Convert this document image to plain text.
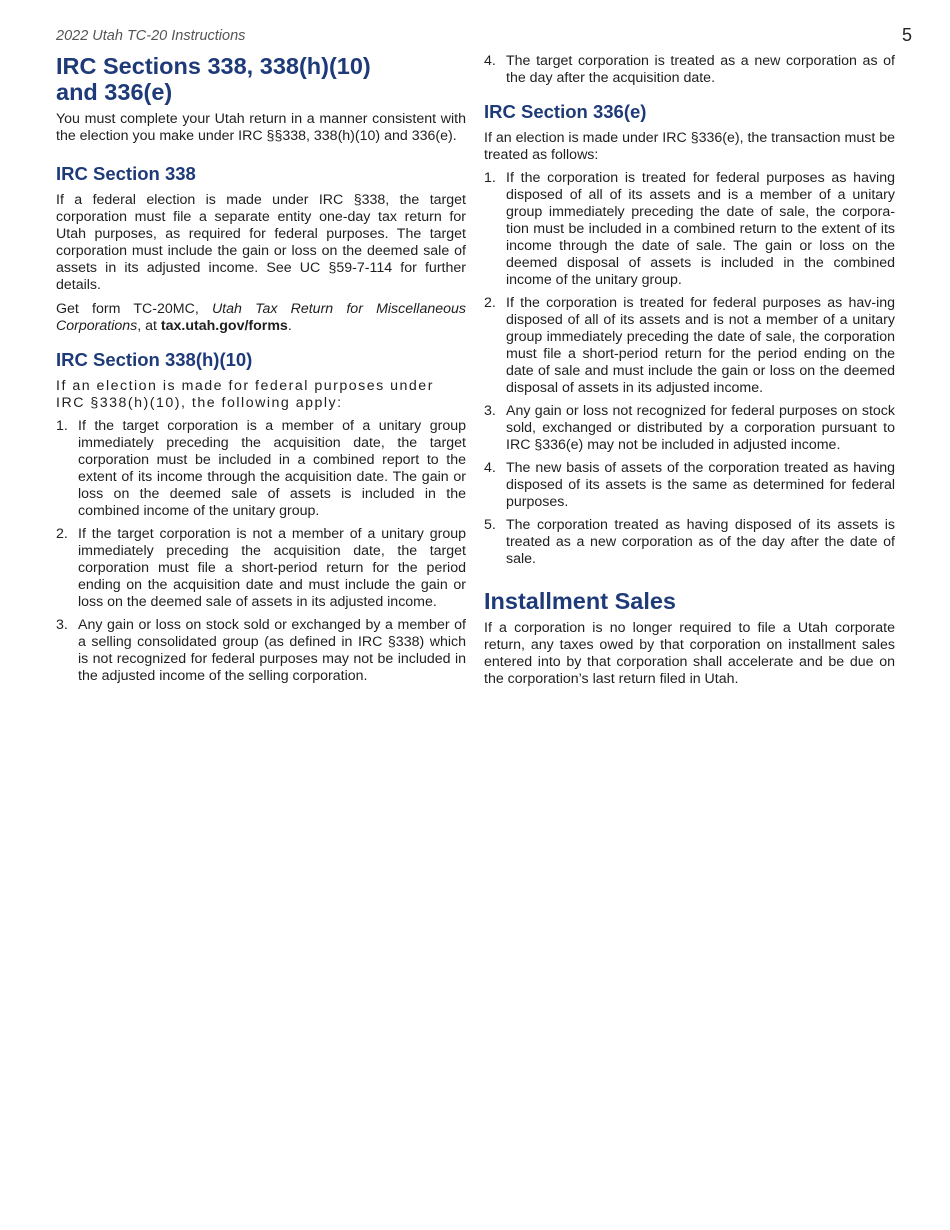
2022 Utah TC-20 Instructions	5
IRC Sections 338, 338(h)(10)
and 336(e)

You must complete your Utah return in a manner consistent with the election you make under IRC §§338, 338(h)(10) and 336(e).

IRC Section 338

If a federal election is made under IRC §338, the target corporation must file a separate entity one-day tax return for Utah purposes, as required for federal purposes. The target corporation must include the gain or loss on the deemed sale of assets in its adjusted income. See UC §59-7-114 for further details.

Get form TC-20MC, Utah Tax Return for Miscellaneous Corporations, at tax.utah.gov/forms.

IRC Section 338(h)(10)

If an election is made for federal purposes under IRC §338(h)(10), the following apply:

1. If the target corporation is a member of a unitary group immediately preceding the acquisition date, the target corporation must be included in a combined report to the extent of its income through the acquisition date. The gain or loss on the deemed sale of assets is included in the combined income of the unitary group.
2. If the target corporation is not a member of a unitary group immediately preceding the acquisition date, the target corporation must file a short-period return for the period ending on the acquisition date and must include the gain or loss on the deemed sale of assets in its adjusted income.
3. Any gain or loss on stock sold or exchanged by a member of a selling consolidated group (as defined in IRC §338) which is not recognized for federal purposes may not be included in the adjusted income of the selling corporation.
4. The target corporation is treated as a new corporation as of the day after the acquisition date.
IRC Section 336(e)

If an election is made under IRC §336(e), the transaction must be treated as follows:

1. If the corporation is treated for federal purposes as having disposed of all of its assets and is a member of a unitary group immediately preceding the date of sale, the corpora-tion must be included in a combined return to the extent of its income through the date of sale. The gain or loss on the deemed disposal of assets is included in the combined income of the unitary group.
2. If the corporation is treated for federal purposes as hav-ing disposed of all of its assets and is not a member of a unitary group immediately preceding the date of sale, the corporation must file a short-period return for the period ending on the date of sale and must include the gain or loss on the deemed disposal of assets in its adjusted income.
3. Any gain or loss not recognized for federal purposes on stock sold, exchanged or distributed by a corporation pursuant to IRC §336(e) may not be included in adjusted income.
4. The new basis of assets of the corporation treated as having disposed of its assets is the same as determined for federal purposes.
5. The corporation treated as having disposed of its assets is treated as a new corporation as of the day after the date of sale.
Installment Sales

If a corporation is no longer required to file a Utah corporate return, any taxes owed by that corporation on installment sales entered into by that corporation shall accelerate and be due on the corporation’s last return filed in Utah.
